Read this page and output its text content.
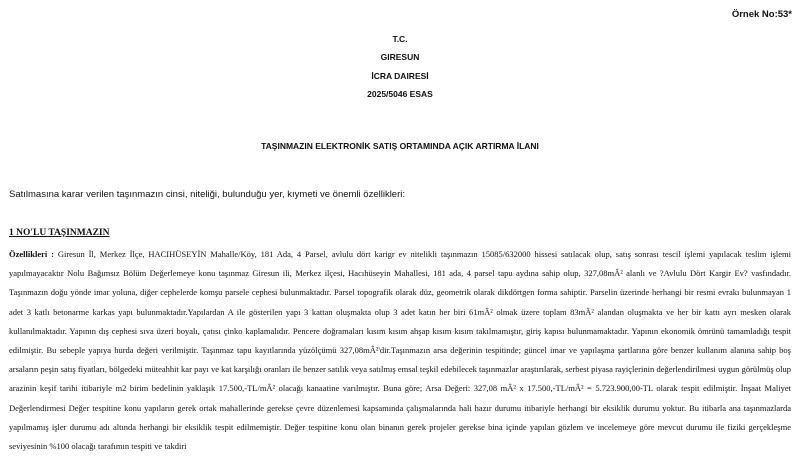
Örnek No:53*
T.C.
GIRESUN
İCRA DAIRESİ
2025/5046 ESAS
TAŞINMAZIN ELEKTRONİK SATIŞ ORTAMINDA AÇIK ARTIRMA İLANI
Satılmasına karar verilen taşınmazın cinsi, niteliği, bulunduğu yer, kıymeti ve önemli özellikleri:
1 NO'LU TAŞINMAZIN

Özellikleri : Giresun İl, Merkez İlçe, HACIHÜSEYİN Mahalle/Köy, 181 Ada, 4 Parsel, avlulu dört karigr ev nitelikli taşınmazın 15085/632000 hissesi satılacak olup, satış sonrası tescil işlemi yapılacak teslim işlemi yapılmayacaktır Nolu Bağımsız Bölüm Değerlemeye konu taşınmaz Giresun ili, Merkez ilçesi, Hacıhüseyin Mahallesi, 181 ada, 4 parsel tapu aydına sahip olup, 327,08mÂ² alanlı ve ?Avlulu Dört Kargir Ev? vasfındadır. Taşınmazın doğu yönde imar yoluna, diğer cephelerde komşu parsele cephesi bulunmaktadır. Parsel topografik olarak düz, geometrik olarak dikdörtgen forma sahiptir. Parselin üzerinde herhangi bir resmi evrakı bulunmayan 1 adet 3 katlı betonarme karkas yapı bulunmaktadır.Yapılardan A ile gösterilen yapı 3 kattan oluşmakta olup 3 adet katın her biri 61mÂ² olmak üzere toplam 83mÂ² alandan oluşmakta ve her bir kattı ayrı mesken olarak kullanılmaktadır. Yapının dış cephesi sıva üzeri boyalı, çatısı çinko kaplamalıdır. Pencere doğramaları kısım kısım ahşap kısım kısım takılmamıştır, giriş kapısı bulunmamaktadır. Yapının ekonomik ömrünü tamamladığı tespit edilmiştir. Bu sebeple yapıya hurda değeri verilmiştir. Taşınmaz tapu kayıtlarında yüzölçümü 327,08mÂ²'dir.Taşınmazın arsa değerinin tespitinde; güncel imar ve yapılaşma şartlarına göre benzer kullanım alanına sahip boş arsaların peşin satış fiyatları, bölgedeki müteahhit kar payı ve kat karşılığı oranları ile benzer satılık veya satılmış emsal teşkil edebilecek taşınmazlar araştırılarak, serbest piyasa rayiçlerinin değerlendirilmesi uygun görülmüş olup arazinin keşif tarihi itibariyle m2 birim bedelinin yaklaşık 17.500,-TL/mÂ² olacağı kanaatine varılmıştır. Buna göre; Arsa Değeri: 327,08 mÂ² x 17.500,-TL/mÂ² = 5.723.900,00-TL olarak tespit edilmiştir. İnşaat Maliyet Değerlendirmesi Değer tespitine konu yapıların gerek ortak mahallerinde gerekse çevre düzenlemesi kapsamında çalışmalarında hali hazır durumu itibariyle herhangi bir eksiklik durumu yoktur. Bu itibarla ana taşınmazlarda yapılmamış işler durumu adı altında herhangi bir eksiklik tespit edilmemiştir. Değer tespitine konu olan binanın gerek projeler gerekse bina içinde yapılan gözlem ve incelemeye göre mevcut durumu ile fiziki gerçekleşme seviyesinin %100 olacağı tarafımın tespiti ve takdiri
